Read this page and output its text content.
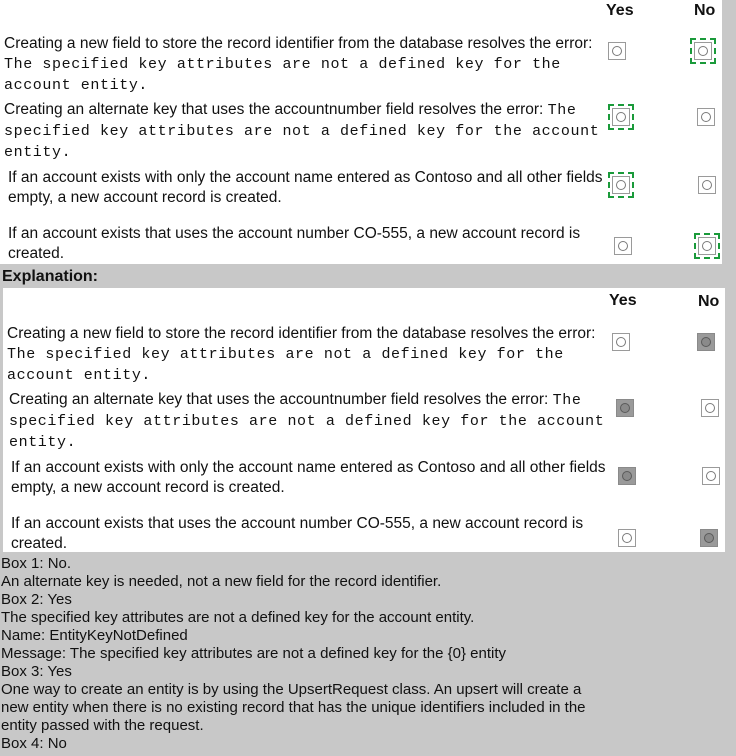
Yes	No
Creating a new field to store the record identifier from the database resolves the error: The specified key attributes are not a defined key for the account entity.
Creating an alternate key that uses the accountnumber field resolves the error: The specified key attributes are not a defined key for the account entity.
If an account exists with only the account name entered as Contoso and all other fields empty, a new account record is created.
If an account exists that uses the account number CO-555, a new account record is created.
Explanation:
Yes	No
Creating a new field to store the record identifier from the database resolves the error: The specified key attributes are not a defined key for the account entity.
Creating an alternate key that uses the accountnumber field resolves the error: The specified key attributes are not a defined key for the account entity.
If an account exists with only the account name entered as Contoso and all other fields empty, a new account record is created.
If an account exists that uses the account number CO-555, a new account record is created.
Box 1: No.
An alternate key is needed, not a new field for the record identifier.
Box 2: Yes
The specified key attributes are not a defined key for the account entity.
Name: EntityKeyNotDefined
Message: The specified key attributes are not a defined key for the {0} entity
Box 3: Yes
One way to create an entity is by using the UpsertRequest class. An upsert will create a
new entity when there is no existing record that has the unique identifiers included in the
entity passed with the request.
Box 4: No
